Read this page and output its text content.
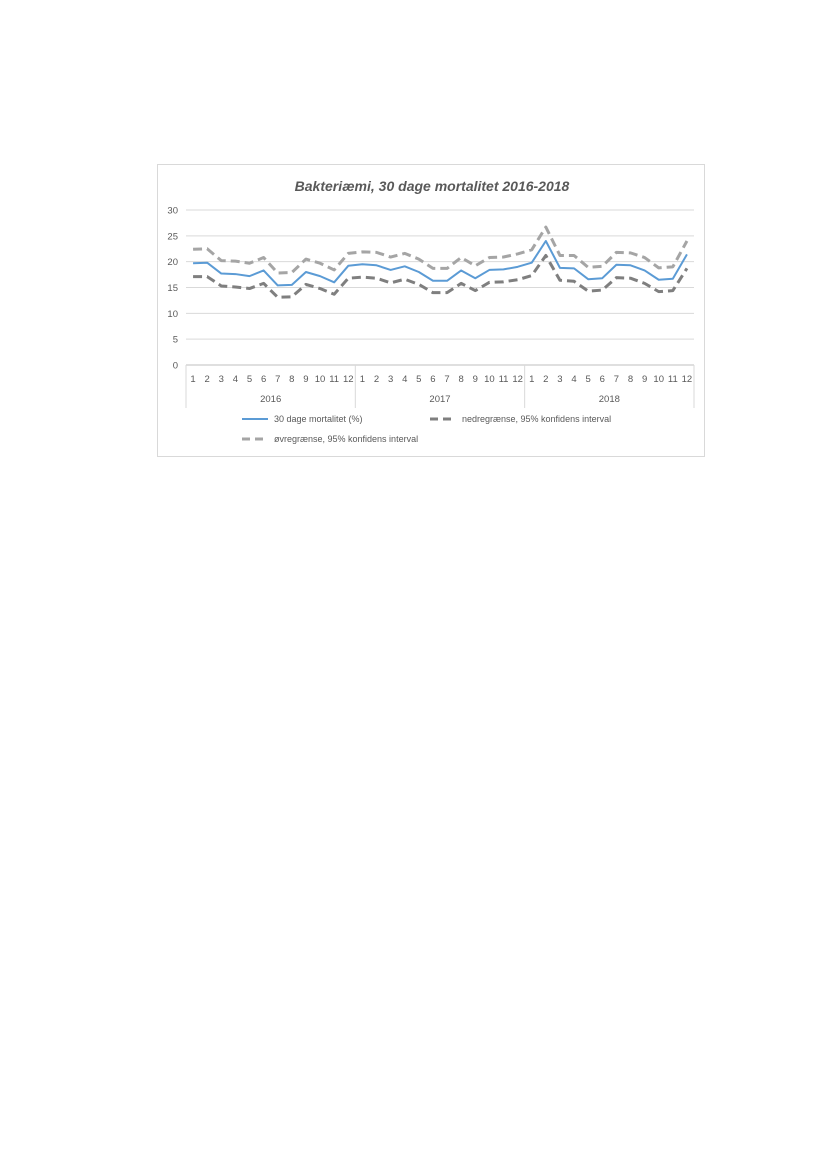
Bakteriæmi, 30 dage mortalitet 2016-2018
0
5
10
15
20
25
30
1 2 3 4 5 6 7 8 9 10 11 12
2016
1 2 3 4 5 6 7 8 9 10 11 12
2017
1 2 3 4 5 6 7 8 9 10 11 12
2018
30 dage mortalitet (%)	nedregrænse, 95% konfidens interval
øvregrænse, 95% konfidens interval
